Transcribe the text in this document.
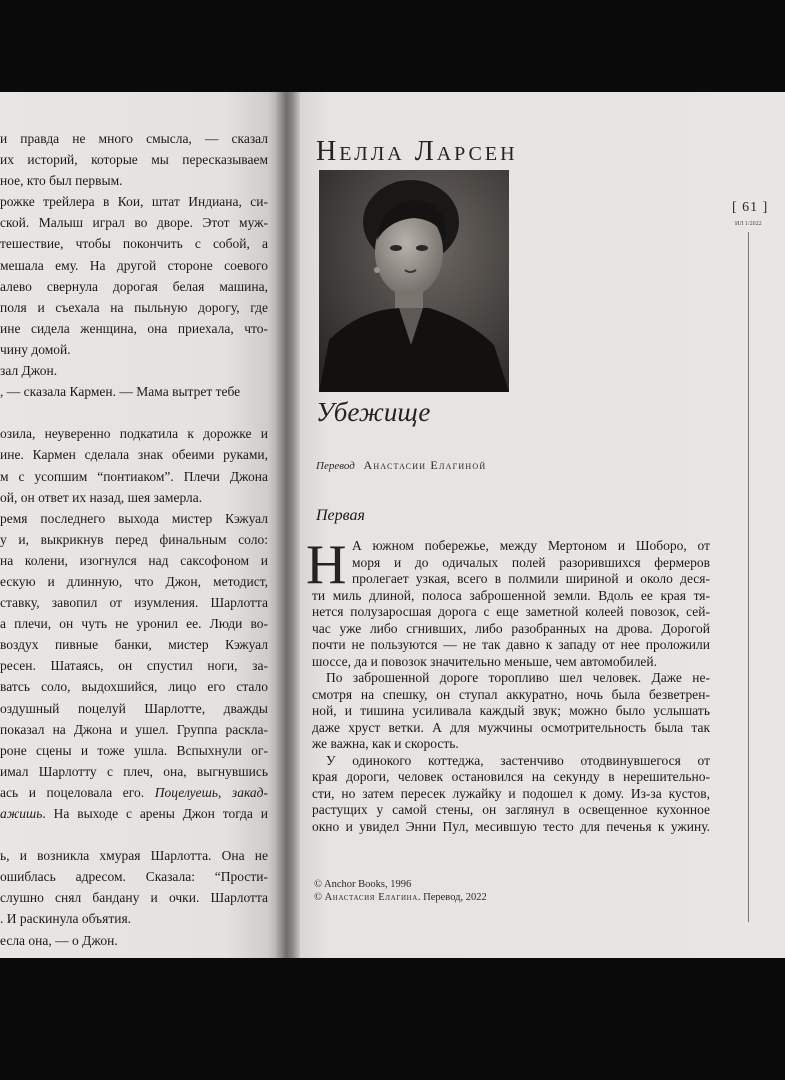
и правда не много смысла, — сказал
их историй, которые мы пересказываем
ное, кто был первым.
рожке трейлера в Кои, штат Индиана, си-
ской. Малыш играл во дворе. Этот муж-
тешествие, чтобы покончить с собой, а
мешала ему. На другой стороне соевого
алево свернула дорогая белая машина,
поля и съехала на пыльную дорогу, где
ине сидела женщина, она приехала, что-
чину домой.
зал Джон.
, — сказала Кармен. — Мама вытрет тебе
озила, неуверенно подкатила к дорожке и
ине. Кармен сделала знак обеими руками,
м с усопшим “понтиаком”. Плечи Джона
ой, он ответ их назад, шея замерла.
ремя последнего выхода мистер Кэжуал
у и, выкрикнув перед финальным соло:
на колени, изогнулся над саксофоном и
ескую и длинную, что Джон, методист,
ставку, завопил от изумления. Шарлотта
а плечи, он чуть не уронил ее. Люди во-
воздух пивные банки, мистер Кэжуал
ресен. Шатаясь, он спустил ноги, за-
ватсь соло, выдохшийся, лицо его стало
оздушный поцелуй Шарлотте, дважды
показал на Джона и ушел. Группа раскла-
роне сцены и тоже ушла. Вспыхнули ог-
имал Шарлотту с плеч, она, выгнувшись
ась и поцеловала его. Поцелуешь, закад-
ажишь. На выходе с арены Джон тогда и
ь, и возникла хмурая Шарлотта. Она не
ошиблась адресом. Сказала: “Прости-
слушно снял бандану и очки. Шарлотта
. И раскинула объятия.
есла она, — о Джон.
Нелла Ларсен
Убежище
Перевод Анастасии Елагиной
Первая
Н А южном побережье, между Мертоном и Шоборо, от
моря и до одичалых полей разорившихся фермеров
пролегает узкая, всего в полмили шириной и около деся-
ти миль длиной, полоса заброшенной земли. Вдоль ее края тя-
нется полузаросшая дорога с еще заметной колеей повозок, сей-
час уже либо сгнивших, либо разобранных на дрова. Дорогой
почти не пользуются — не так давно к западу от нее проложили
шоссе, да и повозок значительно меньше, чем автомобилей.
По заброшенной дороге торопливо шел человек. Даже не-
смотря на спешку, он ступал аккуратно, ночь была безветрен-
ной, и тишина усиливала каждый звук; можно было услышать
даже хруст ветки. А для мужчины осмотрительность была так
же важна, как и скорость.
У одинокого коттеджа, застенчиво отодвинувшегося от
края дороги, человек остановился на секунду в нерешительно-
сти, но затем пересек лужайку и подошел к дому. Из-за кустов,
растущих у самой стены, он заглянул в освещенное кухонное
окно и увидел Энни Пул, месившую тесто для печенья к ужину.
© Anchor Books, 1996
© Анастасия Елагина. Перевод, 2022
[ 61 ]
ИЛ 1/2022
